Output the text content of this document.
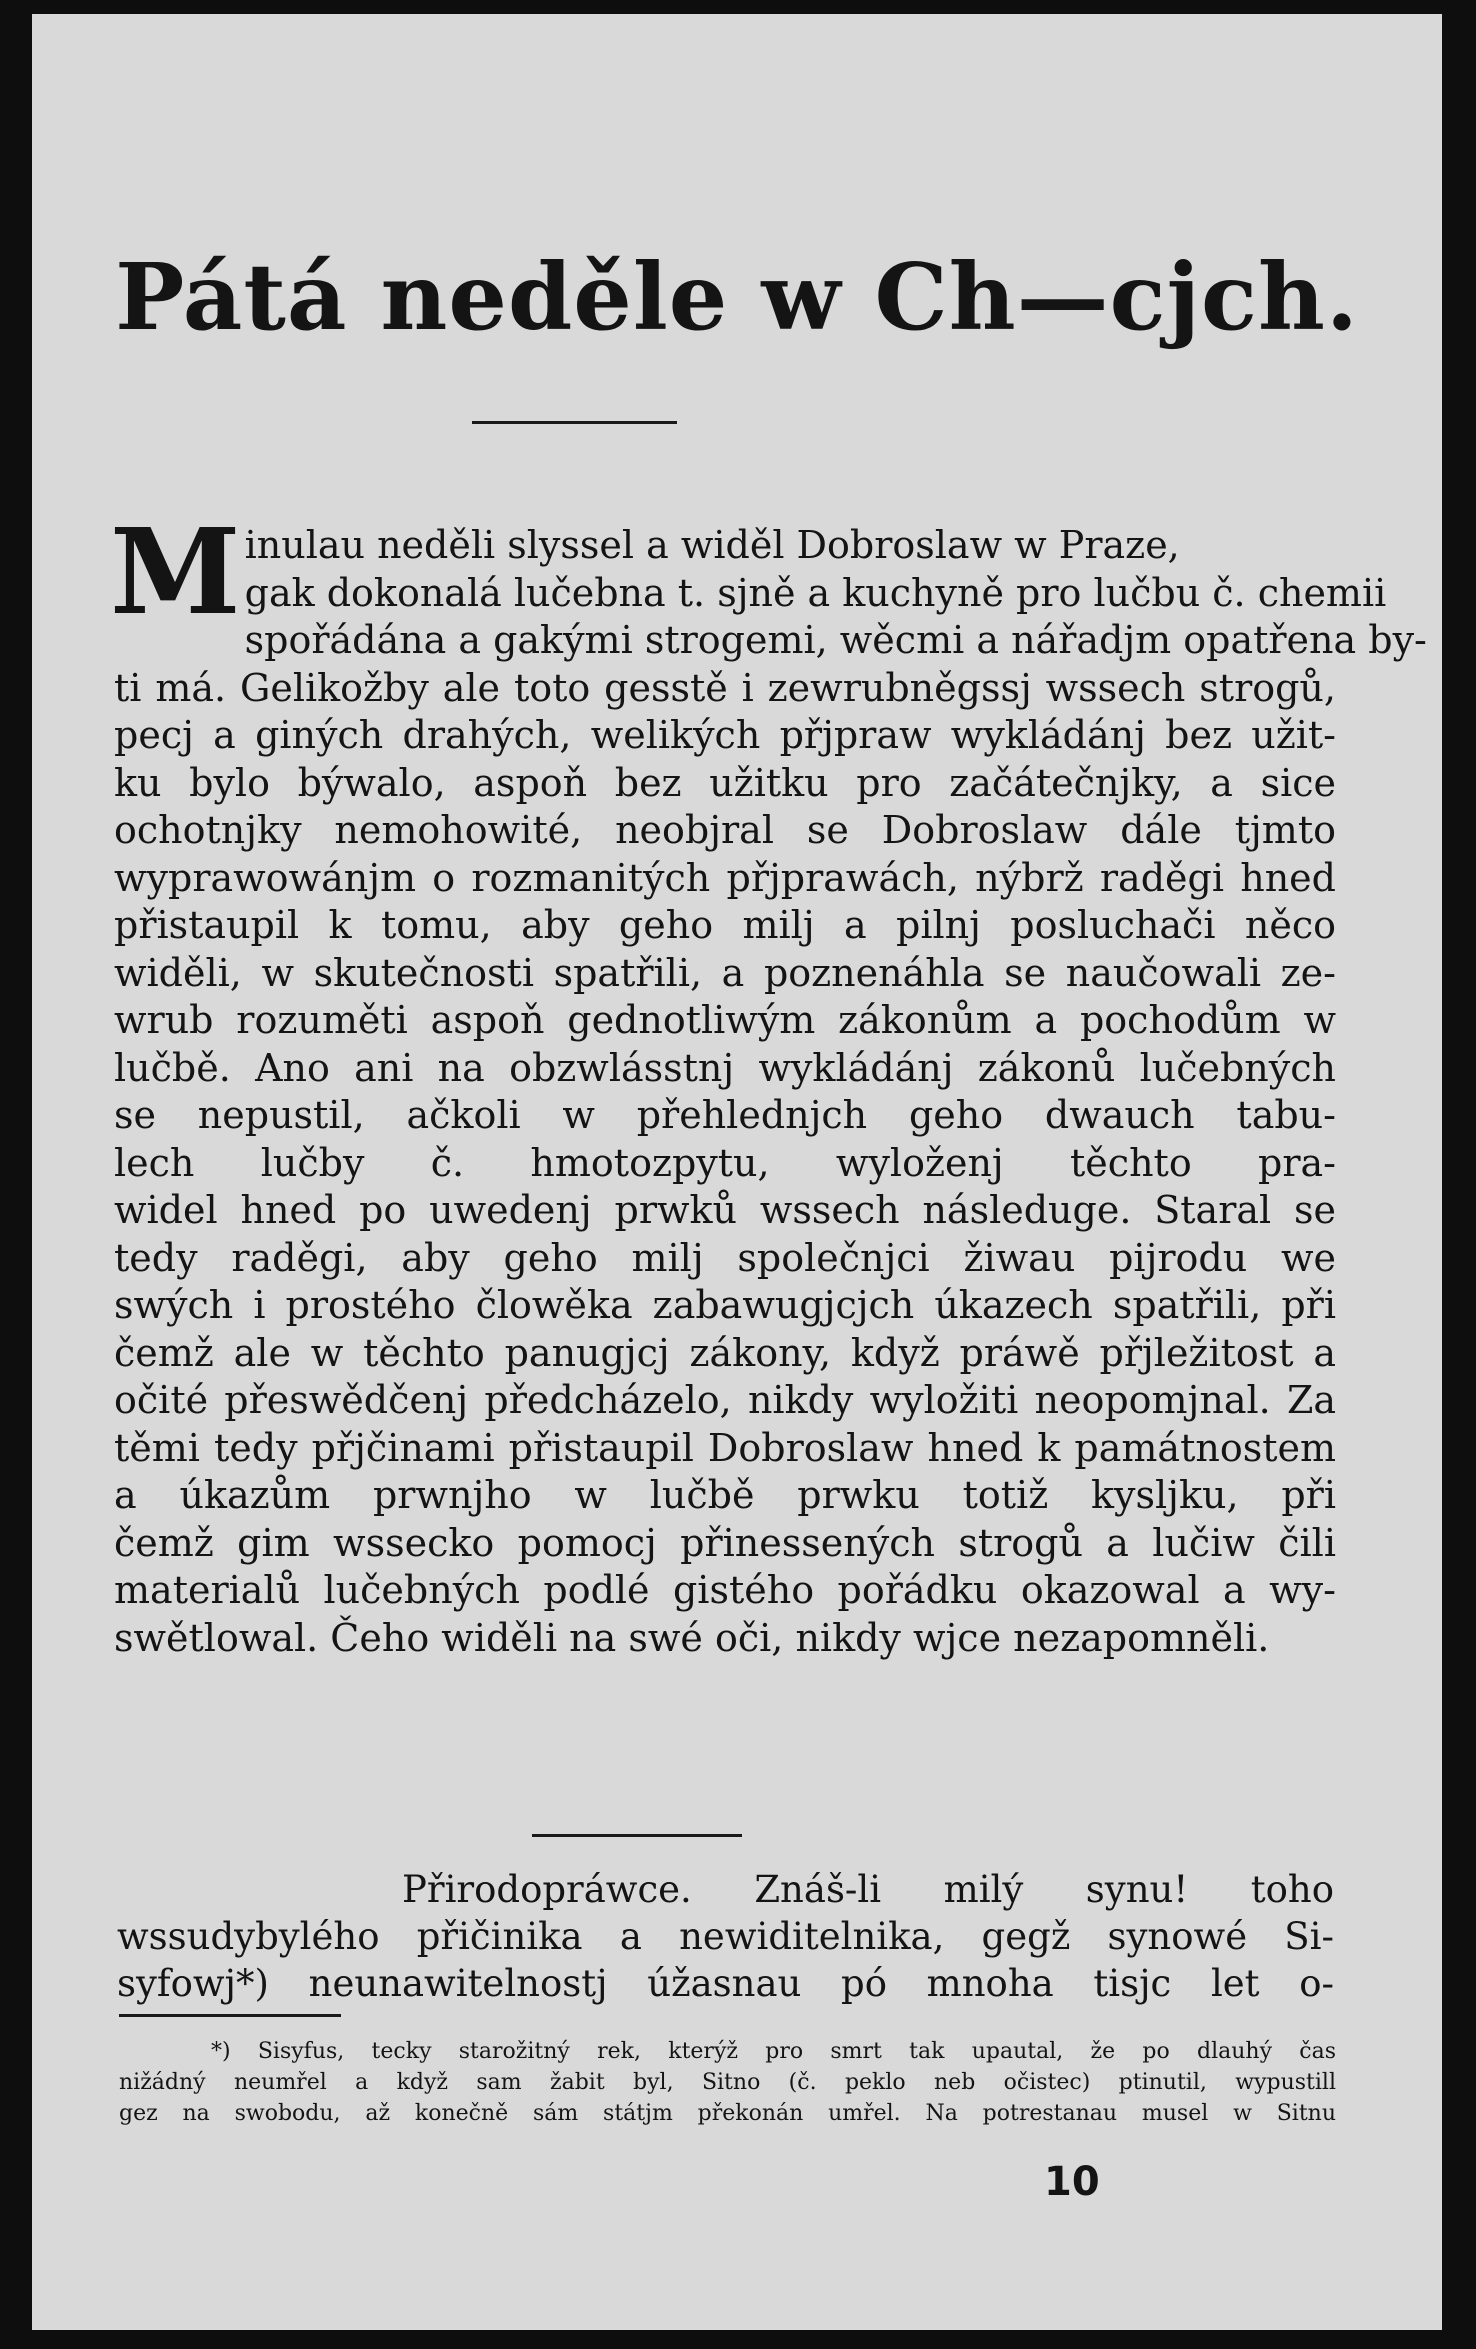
Pátá neděle w Ch—cjch.
M inulau neděli slyssel a widěl Dobroslaw w Praze,
gak dokonalá lučebna t. sjně a kuchyně pro lučbu č. chemii
spořádána a gakými strogemi, wěcmi a nářadjm opatřena by-
ti má. Gelikožby ale toto gesstě i zewrubněgssj wssech strogů,
pecj a giných drahých, welikých přjpraw wykládánj bez užit-
ku bylo býwalo, aspoň bez užitku pro začátečnjky, a sice
ochotnjky nemohowité, neobjral se Dobroslaw dále tjmto
wyprawowánjm o rozmanitých přjprawách, nýbrž raděgi hned
přistaupil k tomu, aby geho milj a pilnj posluchači něco
widěli, w skutečnosti spatřili, a poznenáhla se naučowali ze-
wrub rozuměti aspoň gednotliwým zákonům a pochodům w
lučbě. Ano ani na obzwlásstnj wykládánj zákonů lučebných
se nepustil, ačkoli w přehlednjch geho dwauch tabu-
lech lučby č. hmotozpytu, wyloženj těchto pra-
widel hned po uwedenj prwků wssech následuge. Staral se
tedy raděgi, aby geho milj společnjci žiwau pijrodu we
swých i prostého člowěka zabawugjcjch úkazech spatřili, při
čemž ale w těchto panugjcj zákony, když práwě přjležitost a
očité přeswědčenj předcházelo, nikdy wyložiti neopomjnal. Za
těmi tedy přjčinami přistaupil Dobroslaw hned k památnostem
a úkazům prwnjho w lučbě prwku totiž kysljku, při
čemž gim wssecko pomocj přinessených strogů a lučiw čili
materialů lučebných podlé gistého pořádku okazowal a wy-
swětlowal. Čeho widěli na swé oči, nikdy wjce nezapomněli.
Přirodopráwce. Znáš-li milý synu! toho
wssudybylého přičinika a newiditelnika, gegž synowé Si-
syfowj*) neunawitelnostj úžasnau pó mnoha tisjc let o-
*) Sisyfus, tecky starožitný rek, kterýž pro smrt tak upautal, že po dlauhý čas
nižádný neumřel a když sam žabit byl, Sitno (č. peklo neb očistec) ptinutil, wypustill
gez na swobodu, až konečně sám státjm překonán umřel. Na potrestanau musel w Sitnu
10
